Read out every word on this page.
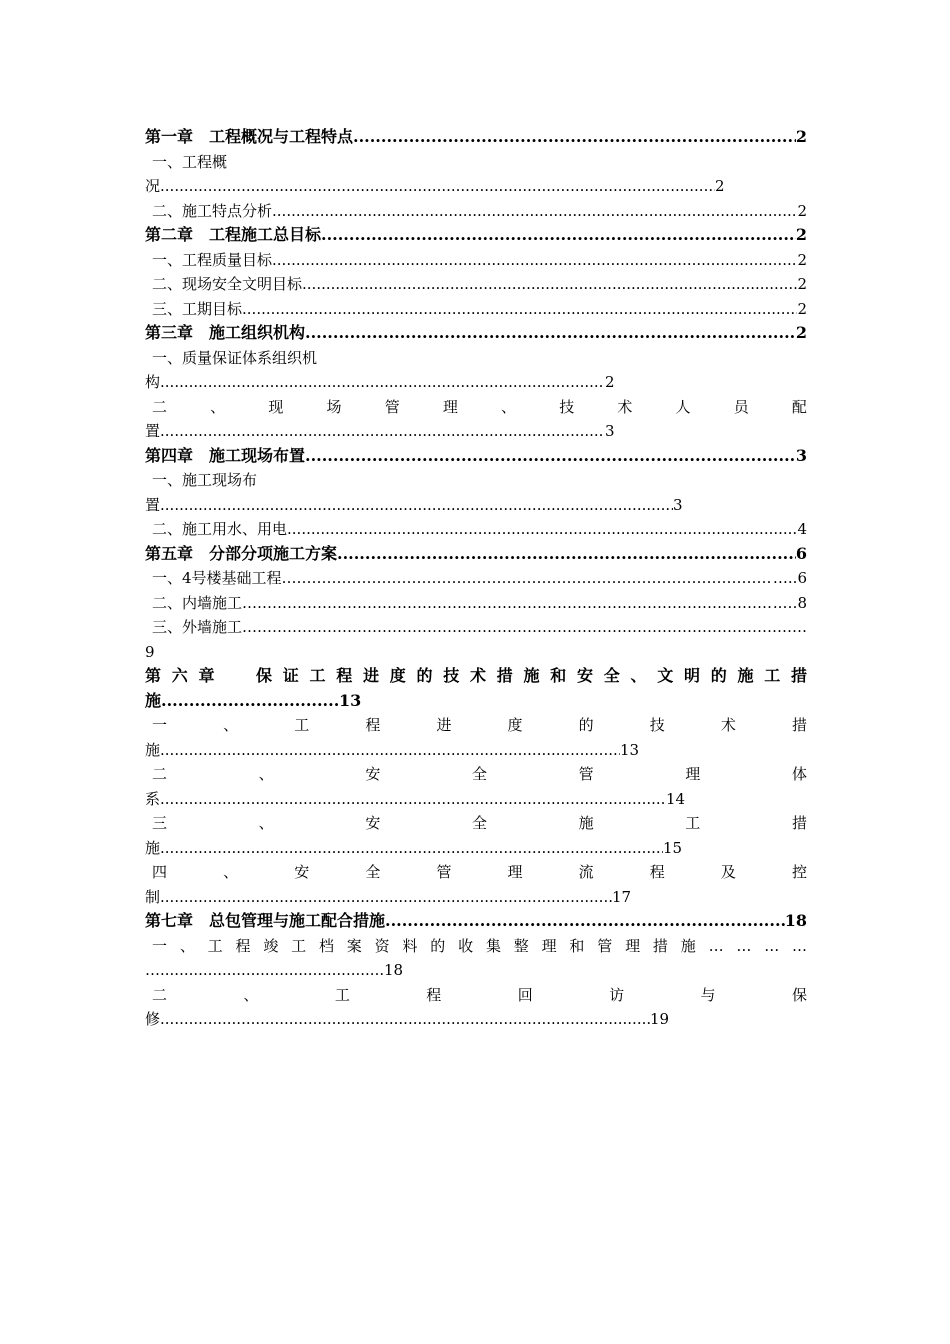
第一章　工程概况与工程特点 .....	2
一、工程概
况 .....	2
二、施工特点分析 .....	2
第二章　工程施工总目标 .....	2
一、工程质量目标 .....	2
二、现场安全文明目标 .....	2
三、工期目标 .....	2
第三章　施工组织机构 .....	2
一、质量保证体系组织机
构 .....	2
二	、	现	场	管	理	、	技	术	人	员	配
置 .....	3
第四章　施工现场布置 .....	3
一、施工现场布
置 .....	3
二、施工用水、用电 .....	4
第五章　分部分项施工方案 .....	6
一、4号楼基础工程 …………………………………………………………………………………………………………………………………………………………	….. 6
二、内墙施工 …………………………………………………………………………………………………………………………………………………………	..… 8
三、外墙施工
…………………………………………………………………………………………………………………………………………………………
9
第 六 章	保 证 工 程 进 度 的 技 术 措 施 和 安 全 、 文 明 的 施 工 措
施 .....	13
一	、	工	程	进	度	的	技	术	措
施 .....	13
二	、	安	全	管	理	体
系 .....	14
三	、	安	全	施	工	措
施 .....	15
四	、	安	全	管	理	流	程	及	控
制 .....	17
第七章　总包管理与施工配合措施 .....	18
一 、 工 程 竣 工 档 案 资 料 的 收 集 整 理 和 管 理 措 施 … … … …
… .....	18
二	、	工	程	回	访	与	保
修 .....	19
